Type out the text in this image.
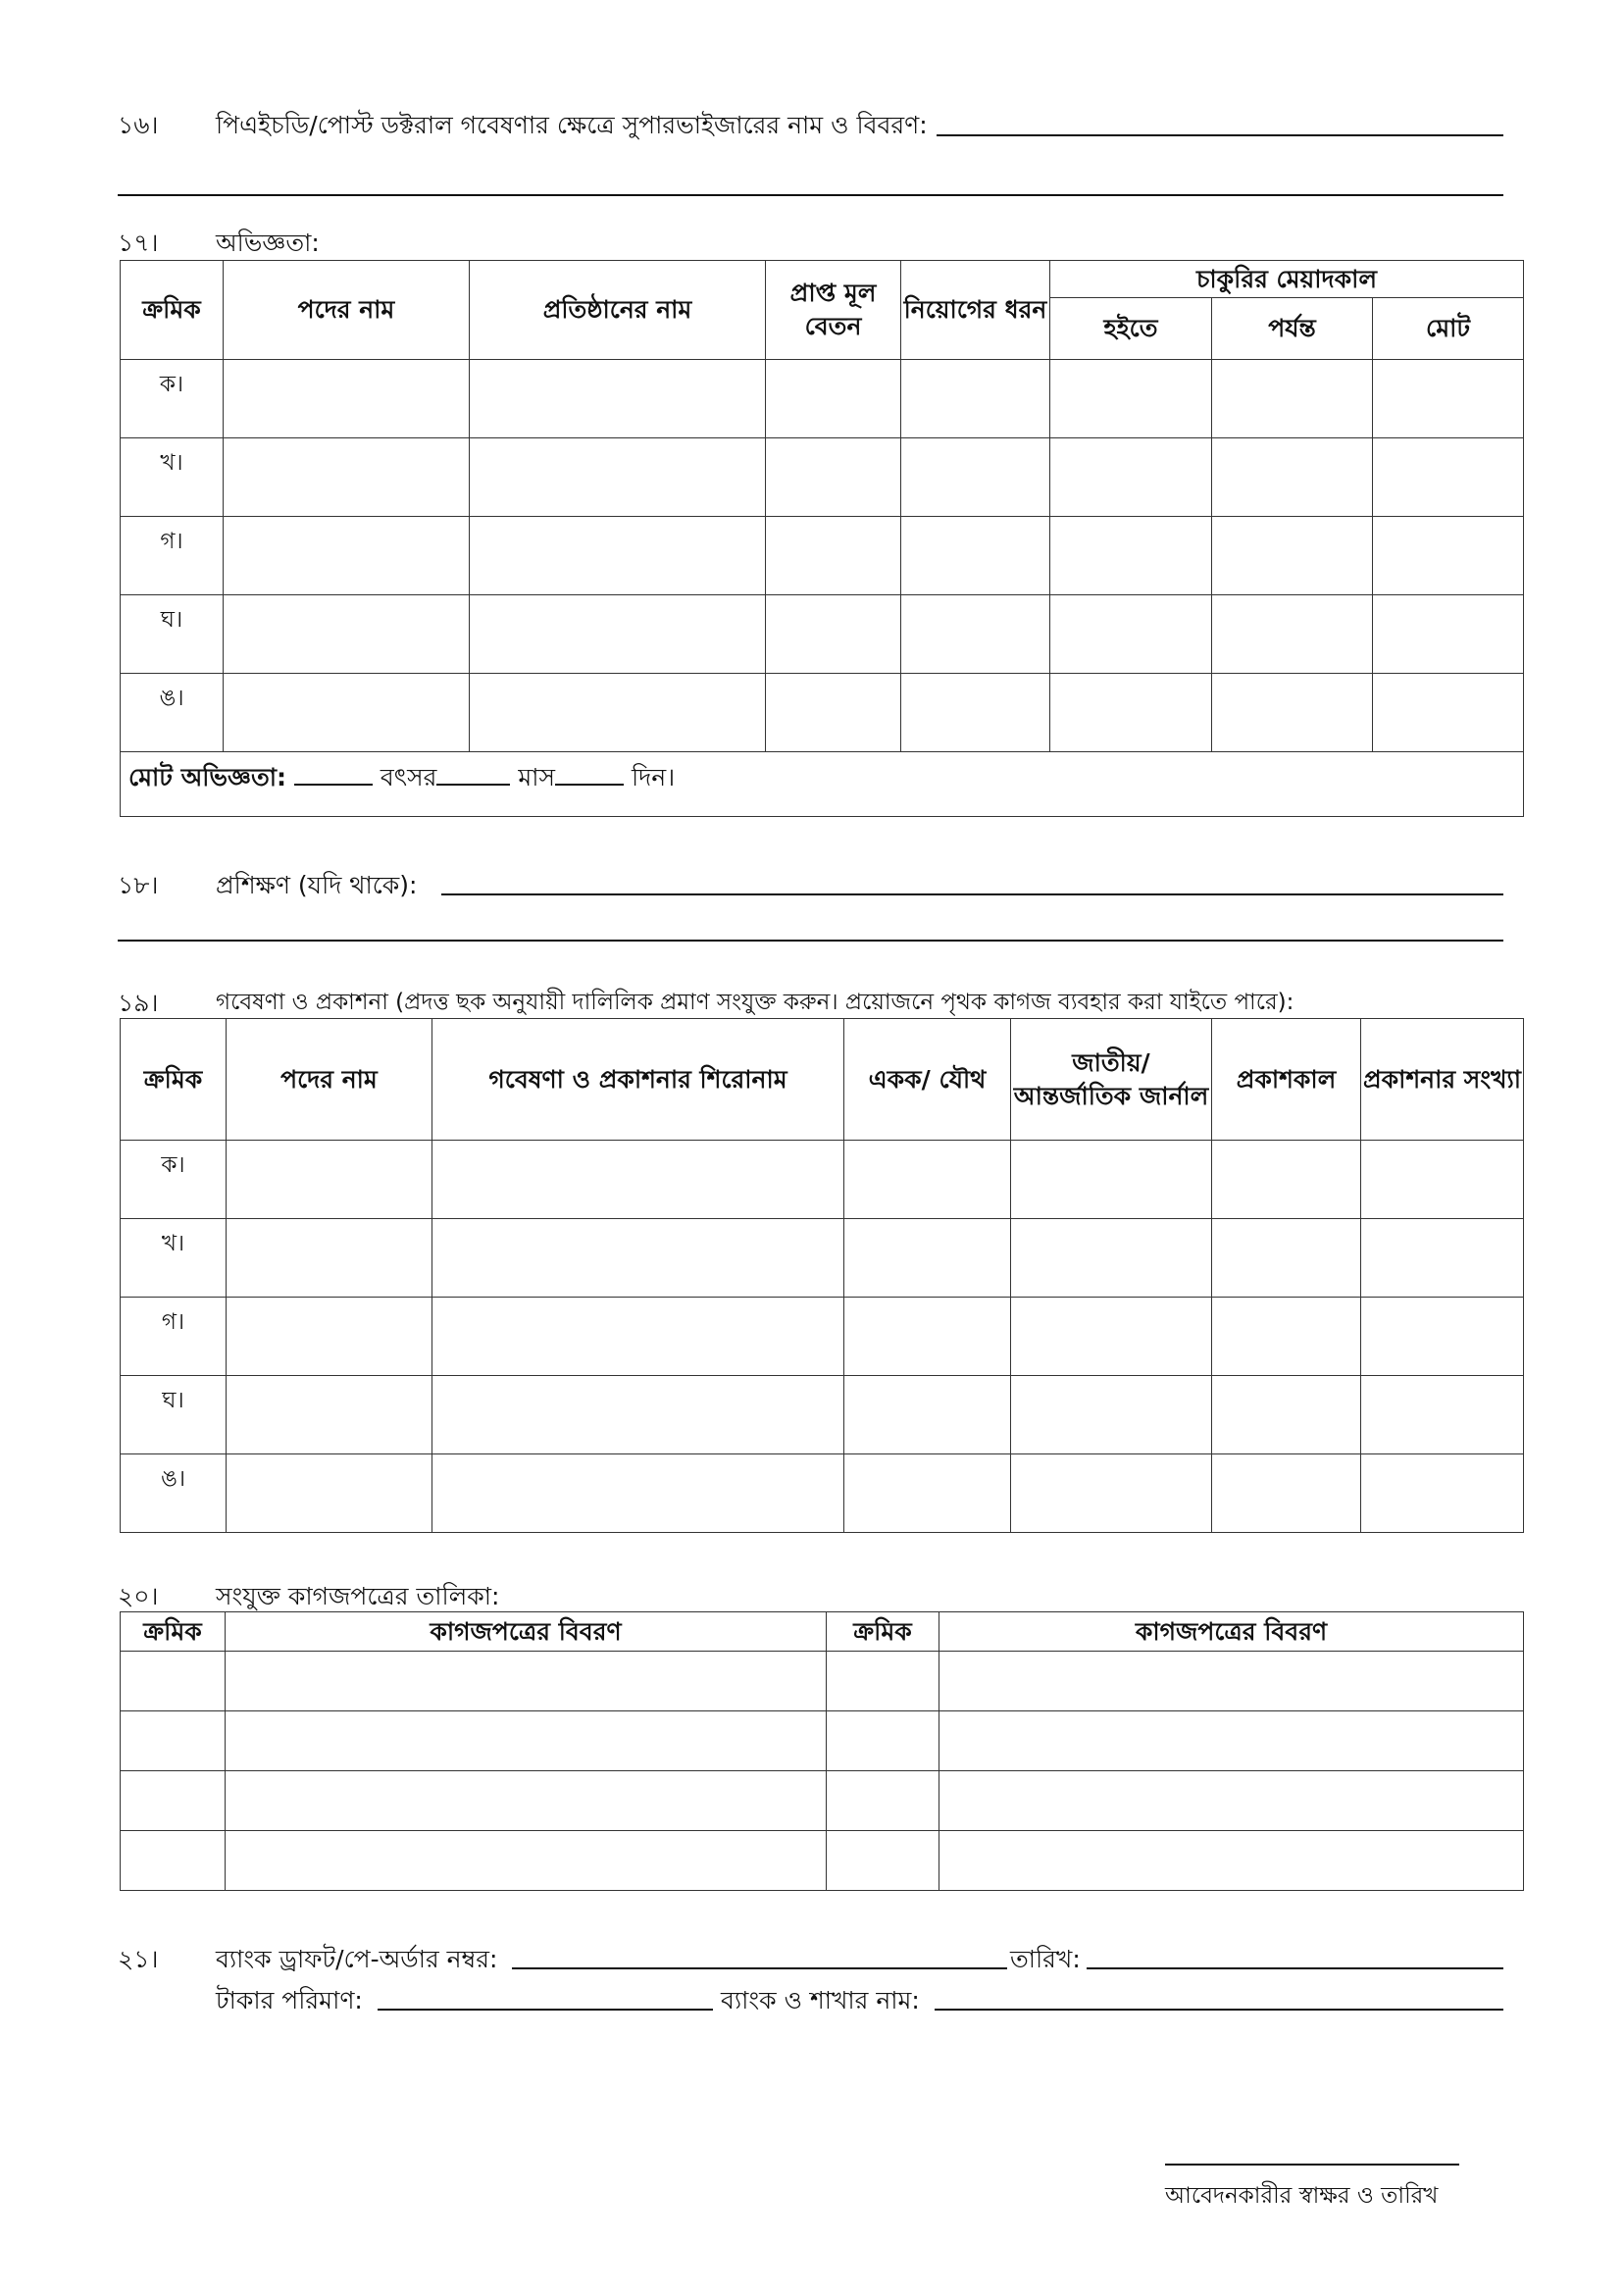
১৬। পিএইচডি/পোস্ট ডক্টরাল গবেষণার ক্ষেত্রে সুপারভাইজারের নাম ও বিবরণ:
১৭। অভিজ্ঞতা:
ক্রমিক	পদের নাম	প্রতিষ্ঠানের নাম	প্রাপ্ত মূল বেতন	নিয়োগের ধরন	চাকুরির মেয়াদকাল		
					হইতে	পর্যন্ত	মোট
ক।							
খ।							
গ।							
ঘ।							
ঙ।							
মোট অভিজ্ঞতা: বৎসর মাস দিন।							
১৮। প্রশিক্ষণ (যদি থাকে):
১৯।	গবেষণা ও প্রকাশনা (প্রদত্ত ছক অনুযায়ী দালিলিক প্রমাণ সংযুক্ত করুন। প্রয়োজনে পৃথক কাগজ ব্যবহার করা যাইতে পারে):
ক্রমিক	পদের নাম	গবেষণা ও প্রকাশনার শিরোনাম	একক/ যৌথ	জাতীয়/ আন্তর্জাতিক জার্নাল	প্রকাশকাল	প্রকাশনার সংখ্যা
ক।						
খ।						
গ।						
ঘ।						
ঙ।						
২০। সংযুক্ত কাগজপত্রের তালিকা:
ক্রমিক	কাগজপত্রের বিবরণ	ক্রমিক	কাগজপত্রের বিবরণ

২১। ব্যাংক ড্রাফট/পে-অর্ডার নম্বর:	তারিখ:
টাকার পরিমাণ:	ব্যাংক ও শাখার নাম:
আবেদনকারীর স্বাক্ষর ও তারিখ
